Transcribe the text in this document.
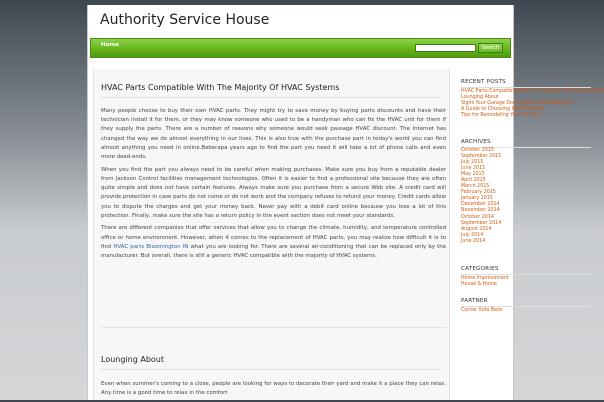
Authority Service House
Home	Search
HVAC Parts Compatible With The Majority Of HVAC Systems

Many people choose to buy their own HVAC parts. They might try to save money by buying parts discounts and have their technician install it for them, or they may know someone who used to be a handyman who can fix the HVAC unit for them if they supply the parts. There are a number of reasons why someone would seek passage HVAC discount. The Internet has changed the way we do almost everything in our lives. This is also true with the purchase part in today's world you can find almost anything you need in online.Beberapa years ago to find the part you need it will take a lot of phone calls and even more dead-ends.

When you find the part you always need to be careful when making purchases. Make sure you buy from a reputable dealer from Jackson Control facilities management technologies. Often it is easier to find a professional site because they are often quite simple and does not have certain features. Always make sure you purchase from a secure Web site. A credit card will provide protection in case parts do not come or do not work and the company refuses to refund your money. Credit cards allow you to dispute the charges and get your money back. Never pay with a debit card online because you lose a lot of this protection. Finally, make sure the site has a return policy in the event section does not meet your standards.

There are different companies that offer services that allow you to change the climate, humidity, and temperature controlled office or home environment. However, when it comes to the replacement of HVAC parts, you may realize how difficult it is to find HVAC parts Bloomington IN what you are looking for. There are several air-conditioning that can be replaced only by the manufacturer. But overall, there is still a generic HVAC compatible with the majority of HVAC systems.

Lounging About

Even when summer's coming to a close, people are looking for ways to decorate their yard and make it a place they can relax. Any time is a good time to relax in the comfort

RECENT POSTS
HVAC Parts Compatible With The Majority Of HVAC Systems
Lounging About
Signs Your Garage Door Needs to be Replaced
A Guide to Choosing New Furniture
Tips for Remodeling Your Kitchen
ARCHIVES
October 2015
September 2015
July 2015
June 2015
May 2015
April 2015
March 2015
February 2015
January 2015
December 2014
November 2014
October 2014
September 2014
August 2014
July 2014
June 2014
CATEGORIES
Home Improvement
House & Home
PARTNER
Corner Sofa Beds
